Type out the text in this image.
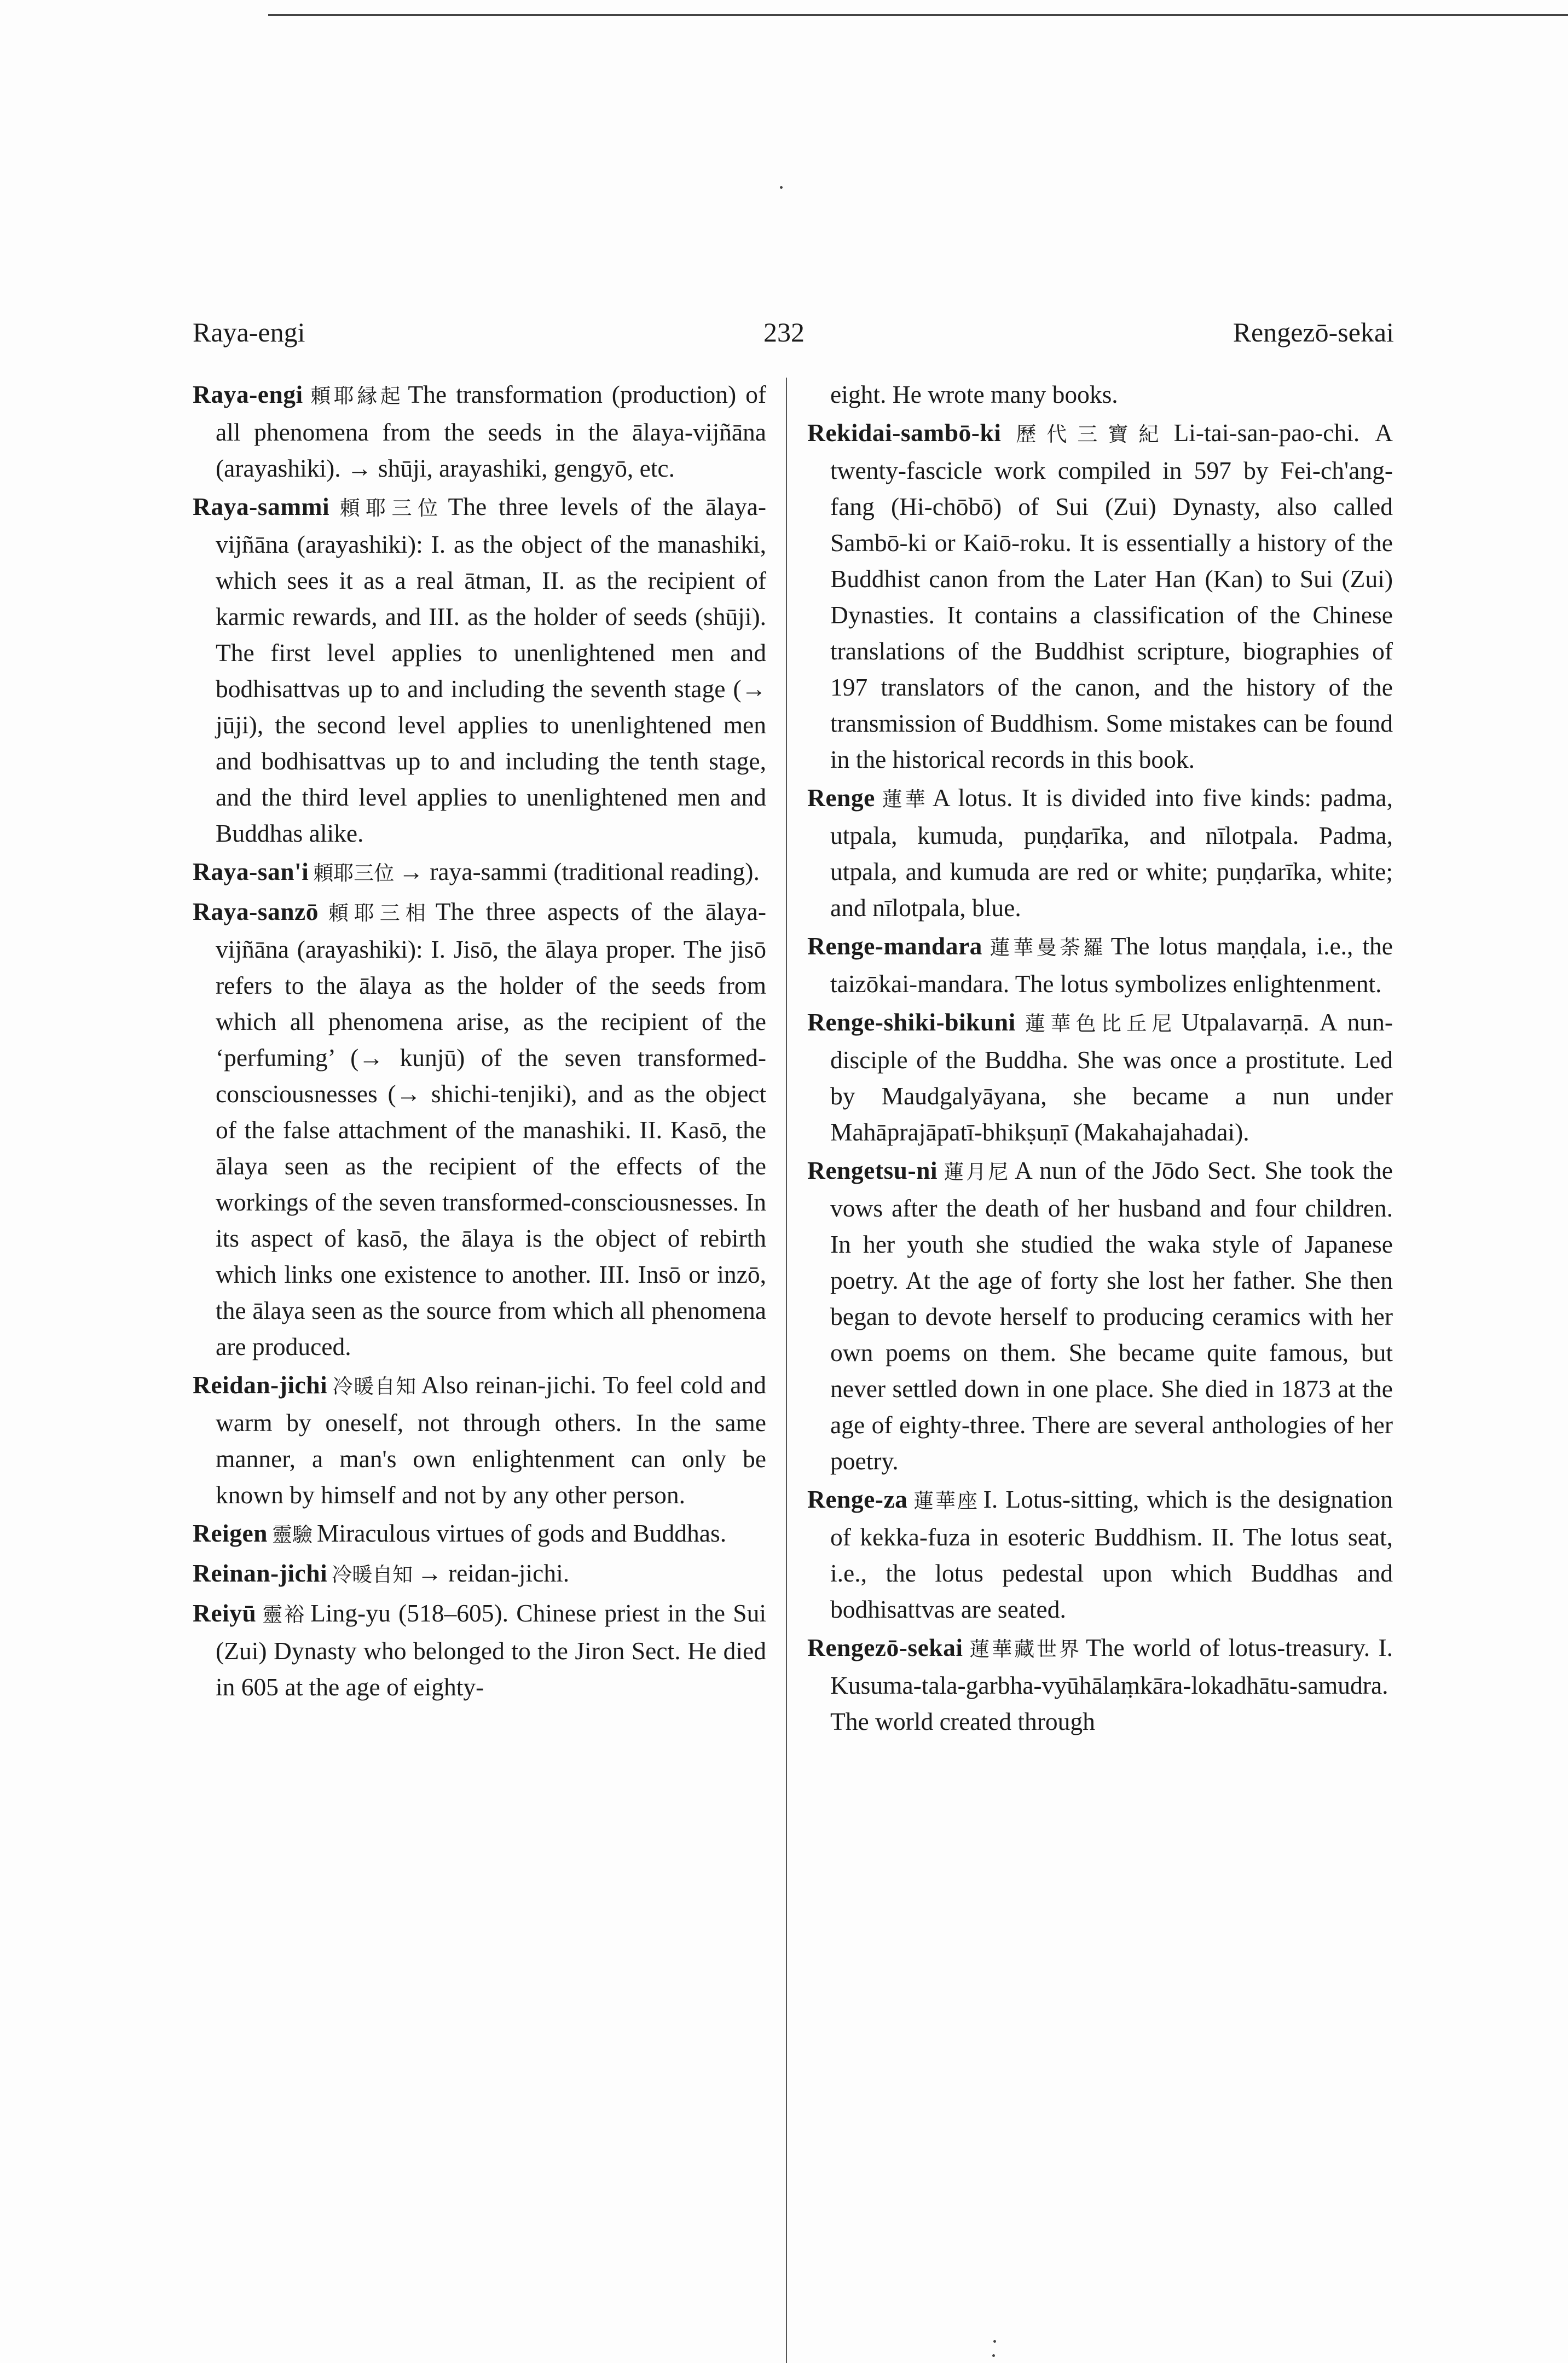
Raya-engi	232	Rengezō-sekai
Raya-engi 頼耶縁起 The transformation (production) of all phenomena from the seeds in the ālaya-vijñāna (arayashiki). → shūji, arayashiki, gengyō, etc.
Raya-sammi 頼耶三位 The three levels of the ālaya-vijñāna (arayashiki): I. as the object of the manashiki, which sees it as a real ātman, II. as the recipient of karmic rewards, and III. as the holder of seeds (shūji). The first level applies to unenlightened men and bodhisattvas up to and including the seventh stage (→ jūji), the second level applies to unenlightened men and bodhisattvas up to and including the tenth stage, and the third level applies to unenlightened men and Buddhas alike.
Raya-san'i 頼耶三位 → raya-sammi (traditional reading).
Raya-sanzō 頼耶三相 The three aspects of the ālaya-vijñāna (arayashiki): I. Jisō, the ālaya proper. The jisō refers to the ālaya as the holder of the seeds from which all phenomena arise, as the recipient of the ‘perfuming’ (→ kunjū) of the seven transformed-consciousnesses (→ shichi-tenjiki), and as the object of the false attachment of the manashiki. II. Kasō, the ālaya seen as the recipient of the effects of the workings of the seven transformed-consciousnesses. In its aspect of kasō, the ālaya is the object of rebirth which links one existence to another. III. Insō or inzō, the ālaya seen as the source from which all phenomena are produced.
Reidan-jichi 冷暖自知 Also reinan-jichi. To feel cold and warm by oneself, not through others. In the same manner, a man's own enlightenment can only be known by himself and not by any other person.
Reigen 靈驗 Miraculous virtues of gods and Buddhas.
Reinan-jichi 冷暖自知 → reidan-jichi.
Reiyū 靈裕 Ling-yu (518–605). Chinese priest in the Sui (Zui) Dynasty who belonged to the Jiron Sect. He died in 605 at the age of eighty-
eight. He wrote many books.
Rekidai-sambō-ki 歷代三寶紀 Li-tai-san-pao-chi. A twenty-fascicle work compiled in 597 by Fei-ch'ang-fang (Hi-chōbō) of Sui (Zui) Dynasty, also called Sambō-ki or Kaiō-roku. It is essentially a history of the Buddhist canon from the Later Han (Kan) to Sui (Zui) Dynasties. It contains a classification of the Chinese translations of the Buddhist scripture, biographies of 197 translators of the canon, and the history of the transmission of Buddhism. Some mistakes can be found in the historical records in this book.
Renge 蓮華 A lotus. It is divided into five kinds: padma, utpala, kumuda, puṇḍarīka, and nīlotpala. Padma, utpala, and kumuda are red or white; puṇḍarīka, white; and nīlotpala, blue.
Renge-mandara 蓮華曼荼羅 The lotus maṇḍala, i.e., the taizōkai-mandara. The lotus symbolizes enlightenment.
Renge-shiki-bikuni 蓮華色比丘尼 Utpalavarṇā. A nun-disciple of the Buddha. She was once a prostitute. Led by Maudgalyāyana, she became a nun under Mahāprajāpatī-bhikṣuṇī (Makahajahadai).
Rengetsu-ni 蓮月尼 A nun of the Jōdo Sect. She took the vows after the death of her husband and four children. In her youth she studied the waka style of Japanese poetry. At the age of forty she lost her father. She then began to devote herself to producing ceramics with her own poems on them. She became quite famous, but never settled down in one place. She died in 1873 at the age of eighty-three. There are several anthologies of her poetry.
Renge-za 蓮華座 I. Lotus-sitting, which is the designation of kekka-fuza in esoteric Buddhism. II. The lotus seat, i.e., the lotus pedestal upon which Buddhas and bodhisattvas are seated.
Rengezō-sekai 蓮華藏世界 The world of lotus-treasury. I. Kusuma-tala-garbha-vyūhālaṃkāra-lokadhātu-samudra. The world created through
